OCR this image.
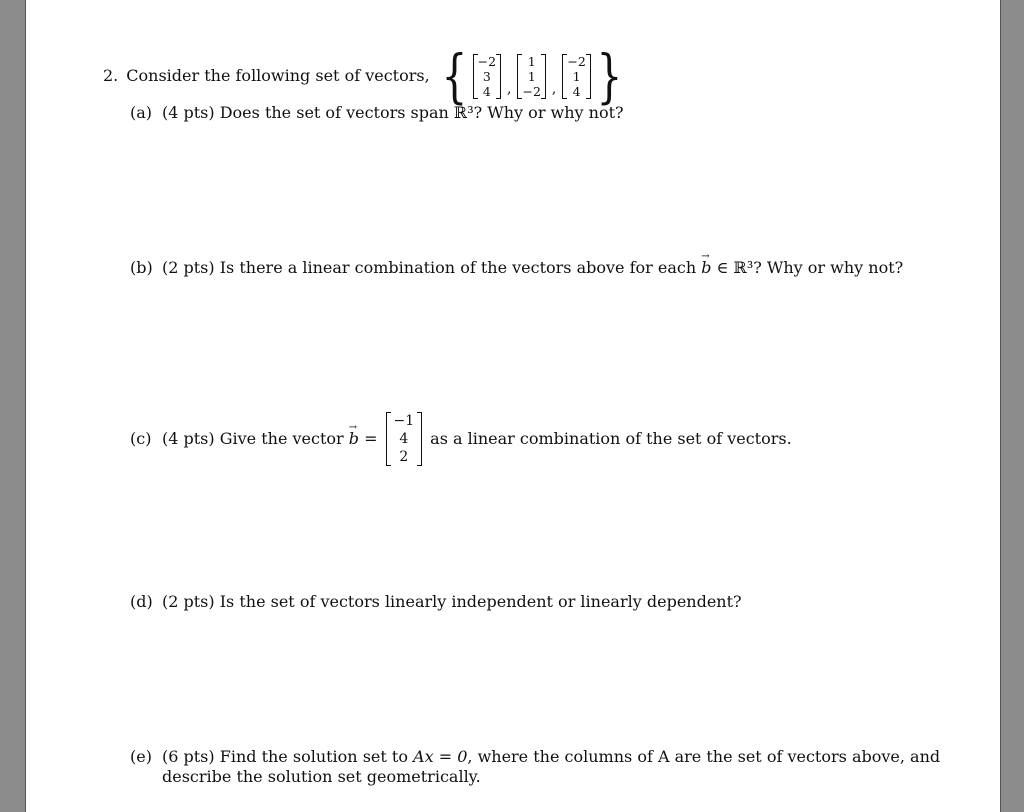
2. Consider the following set of vectors, { −2
3
4 ,
1
1
−2 ,
−2
1
4 }
(a) (4 pts) Does the set of vectors span ℝ³? Why or why not?
(b) (2 pts) Is there a linear combination of the vectors above for each → b ∈ ℝ³? Why or why not?
(c) (4 pts) Give the vector
→ b =
−1
4
2
as a linear combination of the set of vectors.
(d) (2 pts) Is the set of vectors linearly independent or linearly dependent?
(e) (6 pts) Find the solution set to Ax = 0, where the columns of A are the set of vectors above, and
describe the solution set geometrically.
